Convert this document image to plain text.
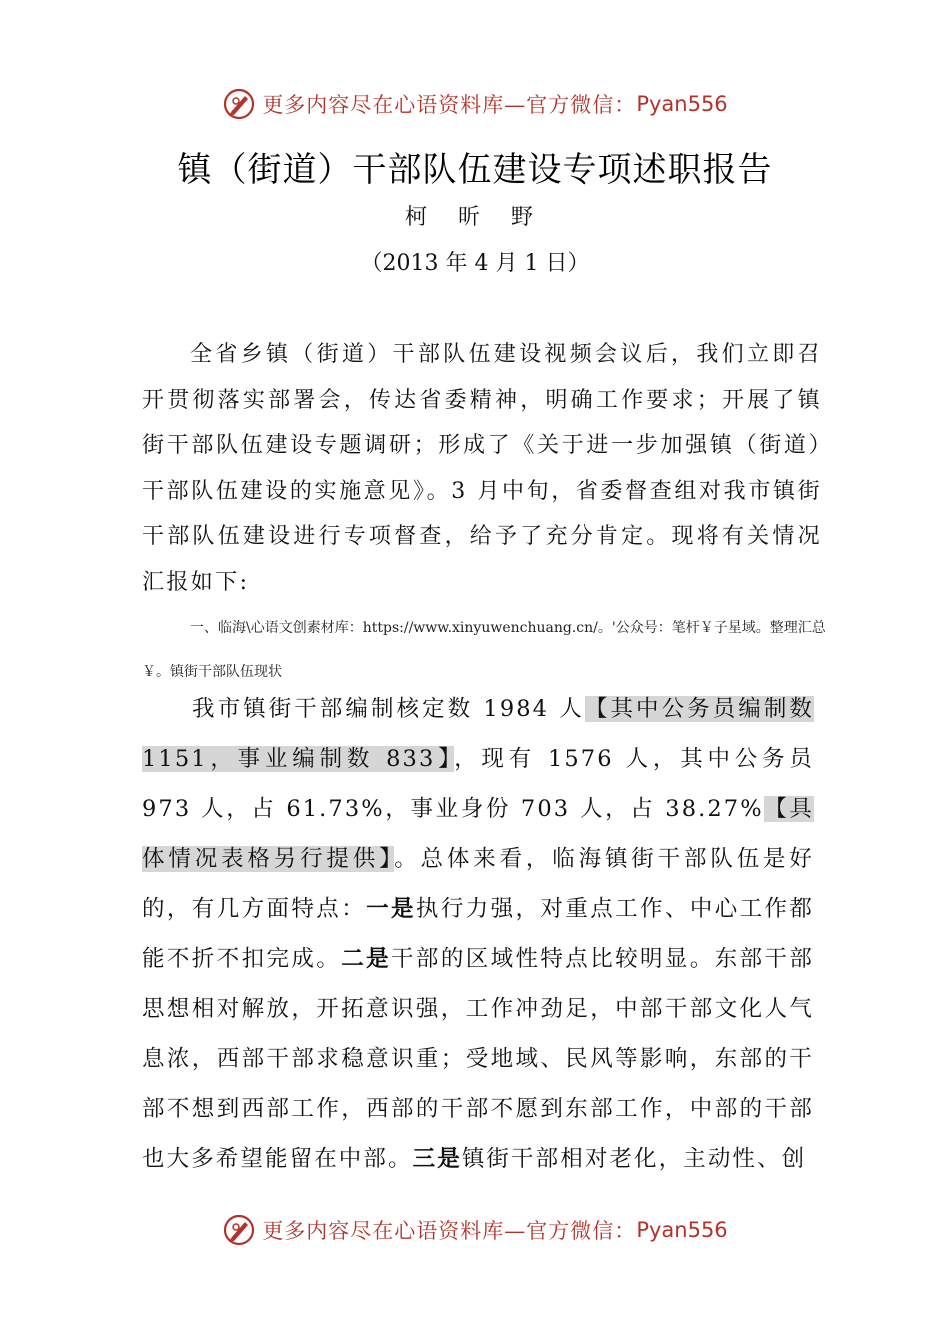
更多内容尽在心语资料库—官方微信： Pyan556
镇（街道）干部队伍建设专项述职报告
柯 昕 野
（2013 年 4 月 1 日）
全省乡镇（街道）干部队伍建设视频会议后，我们立即召开贯彻落实部署会，传达省委精神，明确工作要求；开展了镇街干部队伍建设专题调研；形成了《关于进一步加强镇（街道）干部队伍建设的实施意见》。3 月中旬，省委督查组对我市镇街干部队伍建设进行专项督查，给予了充分肯定。现将有关情况汇报如下:
一、临海\心语文创素材库：https://www.xinyuwenchuang.cn/。'公众号：笔杆￥子星域。整理汇总￥。镇街干部队伍现状
我市镇街干部编制核定数 1984 人【其中公务员编制数 1151，事业编制数 833】，现有 1576 人，其中公务员 973 人，占 61.73%，事业身份 703 人，占 38.27%【具体情况表格另行提供】。总体来看，临海镇街干部队伍是好的，有几方面特点：一是执行力强，对重点工作、中心工作都能不折不扣完成。二是干部的区域性特点比较明显。东部干部思想相对解放，开拓意识强，工作冲劲足，中部干部文化人气息浓，西部干部求稳意识重；受地域、民风等影响，东部的干部不想到西部工作，西部的干部不愿到东部工作，中部的干部也大多希望能留在中部。三是镇街干部相对老化，主动性、创
更多内容尽在心语资料库—官方微信： Pyan556
